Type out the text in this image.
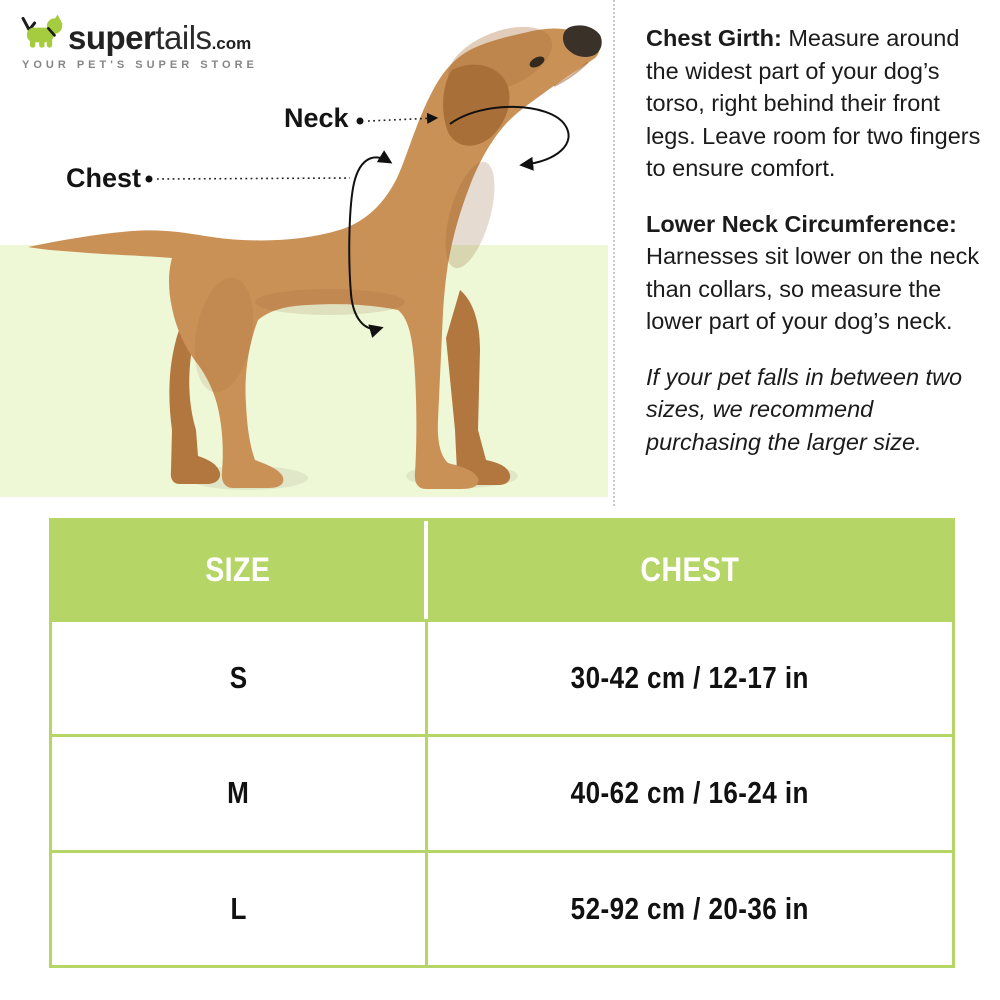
super tails .com
YOUR PET'S SUPER STORE
Neck
Chest

Chest Girth: Measure around the widest part of your dog’s torso, right behind their front legs. Leave room for two fingers to ensure comfort.

Lower Neck Circumference: Harnesses sit lower on the neck than collars, so measure the lower part of your dog’s neck.

If your pet falls in between two sizes, we recommend purchasing the larger size.

SIZE	CHEST
S	30-42 cm / 12-17 in
M	40-62 cm / 16-24 in
L	52-92 cm / 20-36 in
